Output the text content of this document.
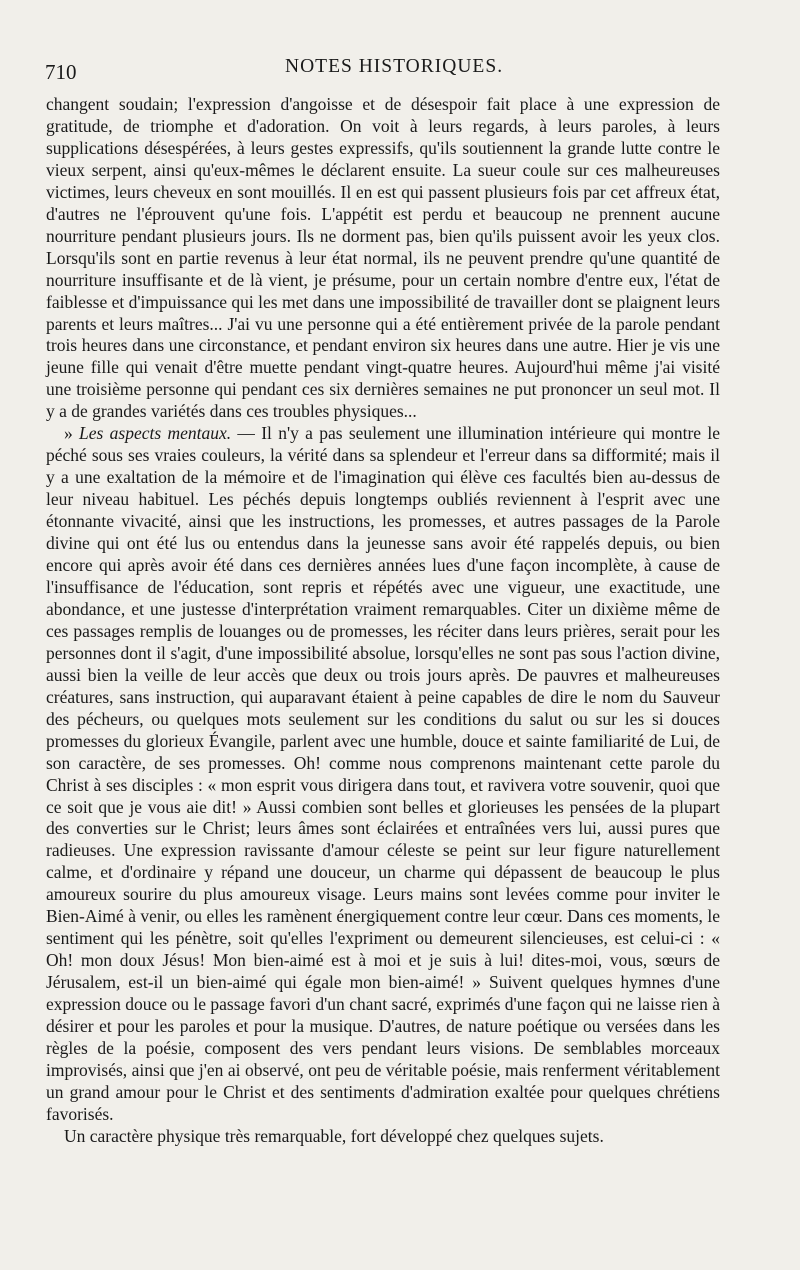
710	NOTES HISTORIQUES.

changent soudain; l'expression d'angoisse et de désespoir fait place à une expression de gratitude, de triomphe et d'adoration. On voit à leurs regards, à leurs paroles, à leurs supplications désespérées, à leurs gestes expressifs, qu'ils soutiennent la grande lutte contre le vieux serpent, ainsi qu'eux-mêmes le déclarent ensuite. La sueur coule sur ces malheureuses victimes, leurs cheveux en sont mouillés. Il en est qui passent plusieurs fois par cet affreux état, d'autres ne l'éprouvent qu'une fois. L'appétit est perdu et beaucoup ne prennent aucune nourriture pendant plusieurs jours. Ils ne dorment pas, bien qu'ils puissent avoir les yeux clos. Lorsqu'ils sont en partie revenus à leur état normal, ils ne peuvent prendre qu'une quantité de nourriture insuffisante et de là vient, je présume, pour un certain nombre d'entre eux, l'état de faiblesse et d'impuissance qui les met dans une impossibilité de travailler dont se plaignent leurs parents et leurs maîtres... J'ai vu une personne qui a été entièrement privée de la parole pendant trois heures dans une circonstance, et pendant environ six heures dans une autre. Hier je vis une jeune fille qui venait d'être muette pendant vingt-quatre heures. Aujourd'hui même j'ai visité une troisième personne qui pendant ces six dernières semaines ne put prononcer un seul mot. Il y a de grandes variétés dans ces troubles physiques...

» Les aspects mentaux. — Il n'y a pas seulement une illumination intérieure qui montre le péché sous ses vraies couleurs, la vérité dans sa splendeur et l'erreur dans sa difformité; mais il y a une exaltation de la mémoire et de l'imagination qui élève ces facultés bien au-dessus de leur niveau habituel. Les péchés depuis longtemps oubliés reviennent à l'esprit avec une étonnante vivacité, ainsi que les instructions, les promesses, et autres passages de la Parole divine qui ont été lus ou entendus dans la jeunesse sans avoir été rappelés depuis, ou bien encore qui après avoir été dans ces dernières années lues d'une façon incomplète, à cause de l'insuffisance de l'éducation, sont repris et répétés avec une vigueur, une exactitude, une abondance, et une justesse d'interprétation vraiment remarquables. Citer un dixième même de ces passages remplis de louanges ou de promesses, les réciter dans leurs prières, serait pour les personnes dont il s'agit, d'une impossibilité absolue, lorsqu'elles ne sont pas sous l'action divine, aussi bien la veille de leur accès que deux ou trois jours après. De pauvres et malheureuses créatures, sans instruction, qui auparavant étaient à peine capables de dire le nom du Sauveur des pécheurs, ou quelques mots seulement sur les conditions du salut ou sur les si douces promesses du glorieux Évangile, parlent avec une humble, douce et sainte familiarité de Lui, de son caractère, de ses promesses. Oh! comme nous comprenons maintenant cette parole du Christ à ses disciples : « mon esprit vous dirigera dans tout, et ravivera votre souvenir, quoi que ce soit que je vous aie dit! » Aussi combien sont belles et glorieuses les pensées de la plupart des converties sur le Christ; leurs âmes sont éclairées et entraînées vers lui, aussi pures que radieuses. Une expression ravissante d'amour céleste se peint sur leur figure naturellement calme, et d'ordinaire y répand une douceur, un charme qui dépassent de beaucoup le plus amoureux sourire du plus amoureux visage. Leurs mains sont levées comme pour inviter le Bien-Aimé à venir, ou elles les ramènent énergiquement contre leur cœur. Dans ces moments, le sentiment qui les pénètre, soit qu'elles l'expriment ou demeurent silencieuses, est celui-ci : « Oh! mon doux Jésus! Mon bien-aimé est à moi et je suis à lui! dites-moi, vous, sœurs de Jérusalem, est-il un bien-aimé qui égale mon bien-aimé! » Suivent quelques hymnes d'une expression douce ou le passage favori d'un chant sacré, exprimés d'une façon qui ne laisse rien à désirer et pour les paroles et pour la musique. D'autres, de nature poétique ou versées dans les règles de la poésie, composent des vers pendant leurs visions. De semblables morceaux improvisés, ainsi que j'en ai observé, ont peu de véritable poésie, mais renferment véritablement un grand amour pour le Christ et des sentiments d'admiration exaltée pour quelques chrétiens favorisés.

Un caractère physique très remarquable, fort développé chez quelques sujets.
